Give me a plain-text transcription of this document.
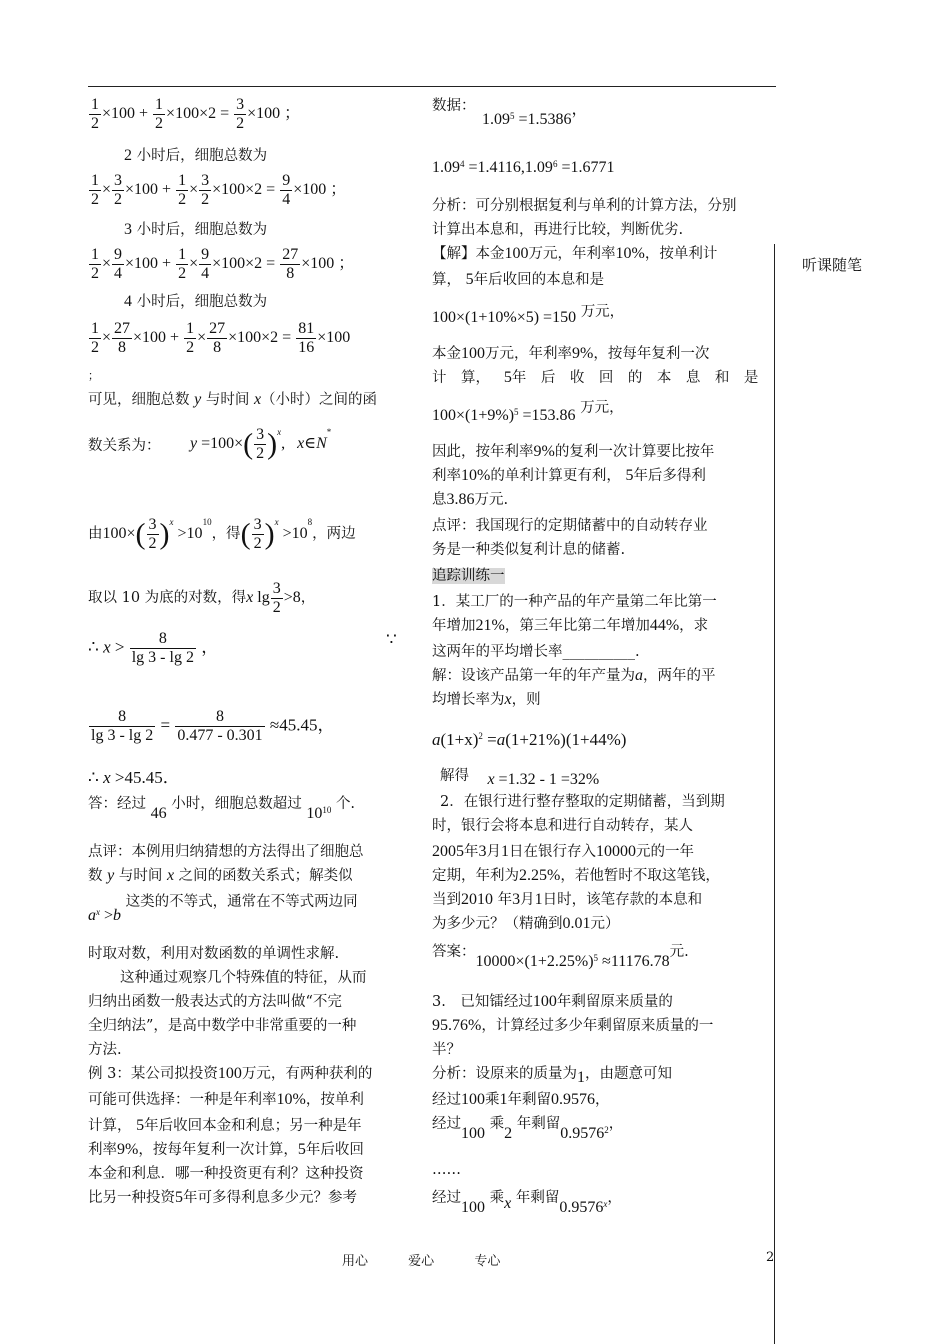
听课随笔
$\frac{1}{2} \times 100 + \frac{1}{2} \times 100\times 2 = \frac{3}{2} \times 100$ ；
2 小时后，细胞总数为
$\frac{1}{2} \times \frac{3}{2} \times 100 + \frac{1}{2} \times \frac{3}{2} \times 100\times 2 = \frac{9}{4} \times 100$ ；
3 小时后，细胞总数为
$\frac{1}{2} \times \frac{9}{4} \times 100 + \frac{1}{2} \times \frac{9}{4} \times 100\times 2 = \frac{27}{8} \times 100$ ；
4 小时后，细胞总数为
$\frac{1}{2} \times \frac{27}{8} \times 100 + \frac{1}{2} \times \frac{27}{8} \times 100\times 2 = \frac{81}{16} \times 100$
；
可见，细胞总数 y 与时间 x（小时）之间的函
数关系为： $y =100\times( \frac{3}{2} )^x$,   x∈N*
由$100\times( \frac{3}{2} )^x >10^{10}$，得( $\frac{3}{2} )^x >10^8$，两边
取以 10 为底的对数，得x $\lg \frac{3}{2} >8$，
∴ $x > \frac{8}{\lg 3 - \lg 2}$ ，	∵
$\frac{8}{\lg 3 - \lg 2} = \frac{8}{0.477 - 0.301} \approx 45.45$，
∴ x >45.45．
答：经过 46 小时，细胞总数超过 $10^{10}$ 个.
点评：本例用归纳猜想的方法得出了细胞总
数 y 与时间 x 之间的函数关系式；解类似
$a^x >b$ 这类的不等式，通常在不等式两边同
时取对数，利用对数函数的单调性求解.
这种通过观察几个特殊值的特征，从而
归纳出函数一般表达式的方法叫做“不完
全归纳法”，是高中数学中非常重要的一种
方法.
例 3：某公司拟投资100万元，有两种获利的
可能可供选择：一种是年利率10%，按单利
计算， 5年后收回本金和利息；另一种是年
利率9%，按每年复利一次计算，5年后收回
本金和利息．哪一种投资更有利？这种投资
比另一种投资5年可多得利息多少元？参考
数据：
$1.09^5 =1.5386$，
$1.09^4 =1.4116,1.09^6 =1.6771$
分析：可分别根据复利与单利的计算方法，分别
计算出本息和，再进行比较，判断优劣.
【解】本金100万元，年利率10%，按单利计
算， 5年后收回的本息和是
100×(1+10%×5) =150 万元，
本金100万元，年利率9%，按每年复利一次
计　算， 5年　后　收　回　的　本　息　和　是
$100\times(1+9\%)^5 =153.86$ 万元，
因此，按年利率9%的复利一次计算要比按年
利率10%的单利计算更有利， 5年后多得利
息3.86万元.
点评：我国现行的定期储蓄中的自动转存业
务是一种类似复利计息的储蓄.
追踪训练一
1．某工厂的一种产品的年产量第二年比第一
年增加21%，第三年比第二年增加44%，求
这两年的平均增长率__________.
解：设该产品第一年的年产量为a，两年的平
均增长率为x，则
$a(1+x)^2 =a(1+21\%)(1+44\%)$
解得 x =1.32 - 1 =32%
2．在银行进行整存整取的定期储蓄，当到期
时，银行会将本息和进行自动转存，某人
2005年3月1日在银行存入10000元的一年
定期，年利为2.25%，若他暂时不取这笔钱，
当到2010 年3月1日时，该笔存款的本息和
为多少元？（精确到0.01元）
答案：$10000\times(1+2.25\%)^5 \approx 11176.78$元.
3.　已知镭经过100年剩留原来质量的
95.76%，计算经过多少年剩留原来质量的一
半？
分析：设原来的质量为1，由题意可知
经过100乘1年剩留0.9576，
经过100 乘2 年剩留0.9576$^2$，
……
经过100 乘x 年剩留0.9576$^x$，
用心	爱心	专心	2
